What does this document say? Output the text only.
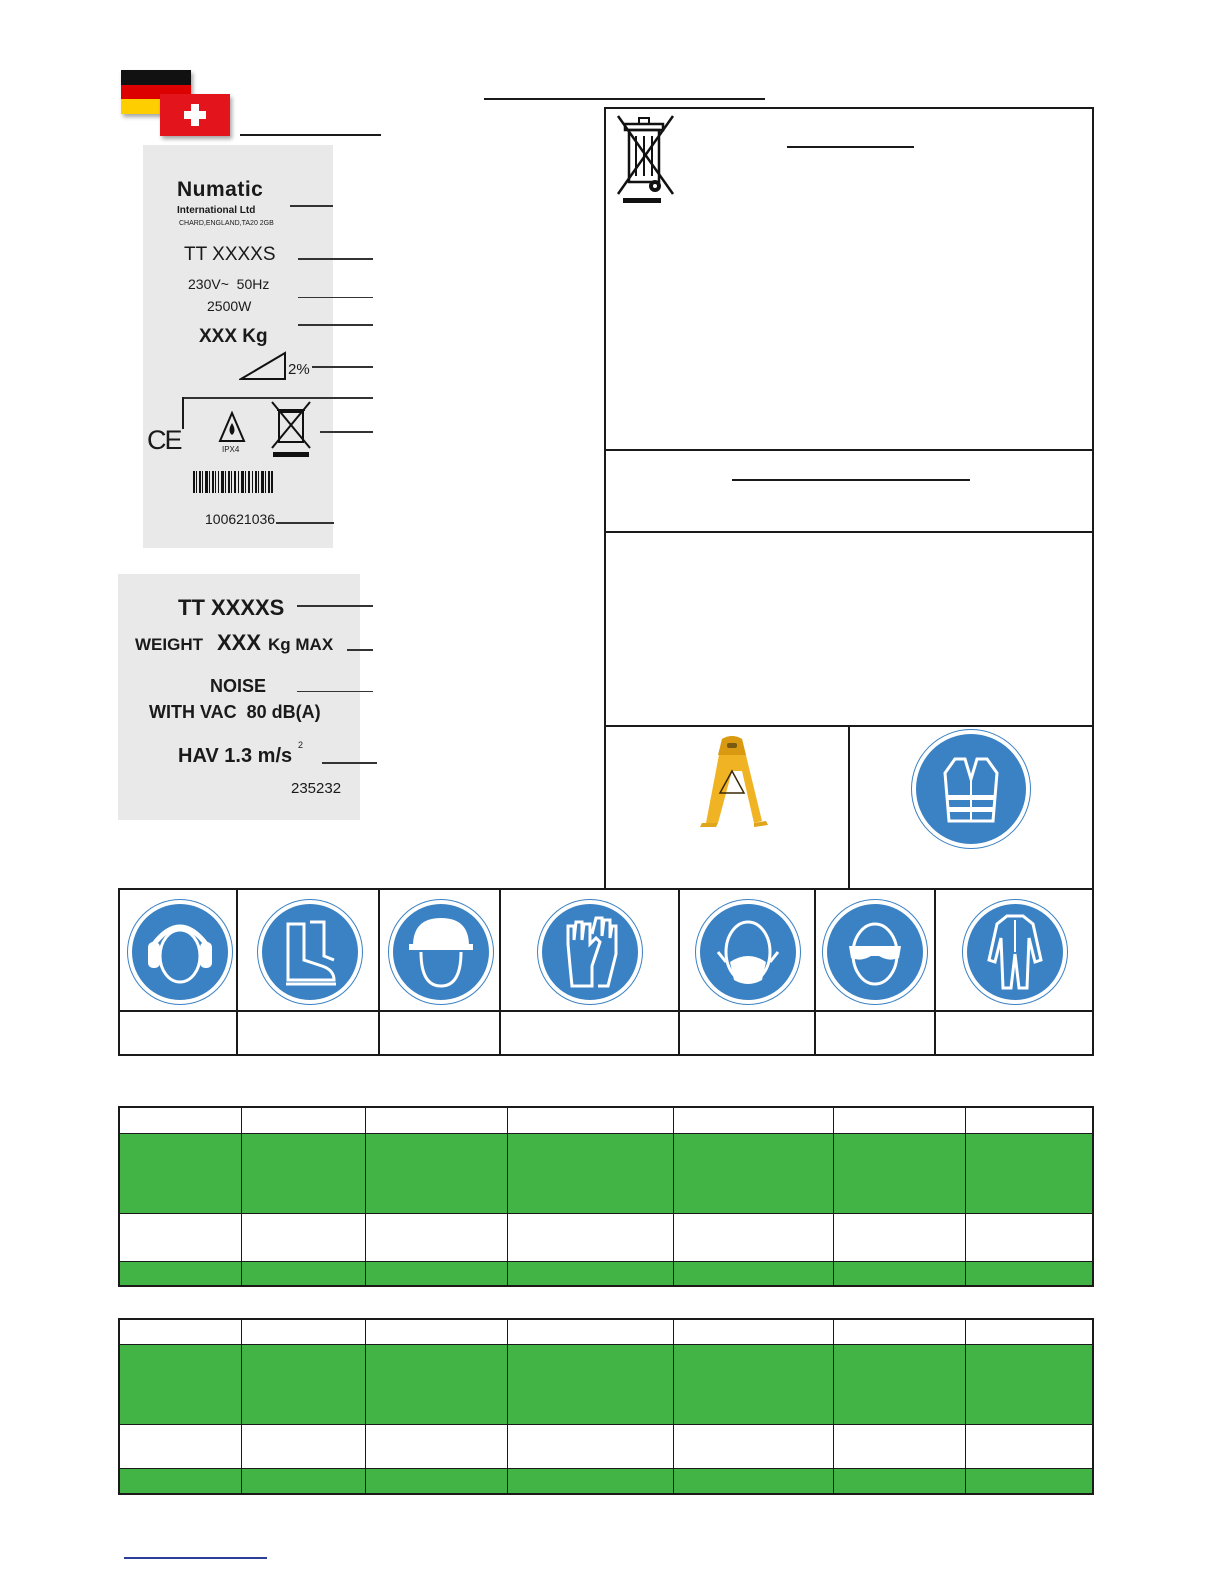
Numatic
International Ltd
CHARD,ENGLAND,TA20 2GB
TT XXXXS
230V~  50Hz
2500W
XXX Kg
2%
CE	IPX4
100621036
TT XXXXS
WEIGHT XXX Kg MAX
NOISE
WITH VAC  80 dB(A)
HAV 1.3 m/s 2
235232
